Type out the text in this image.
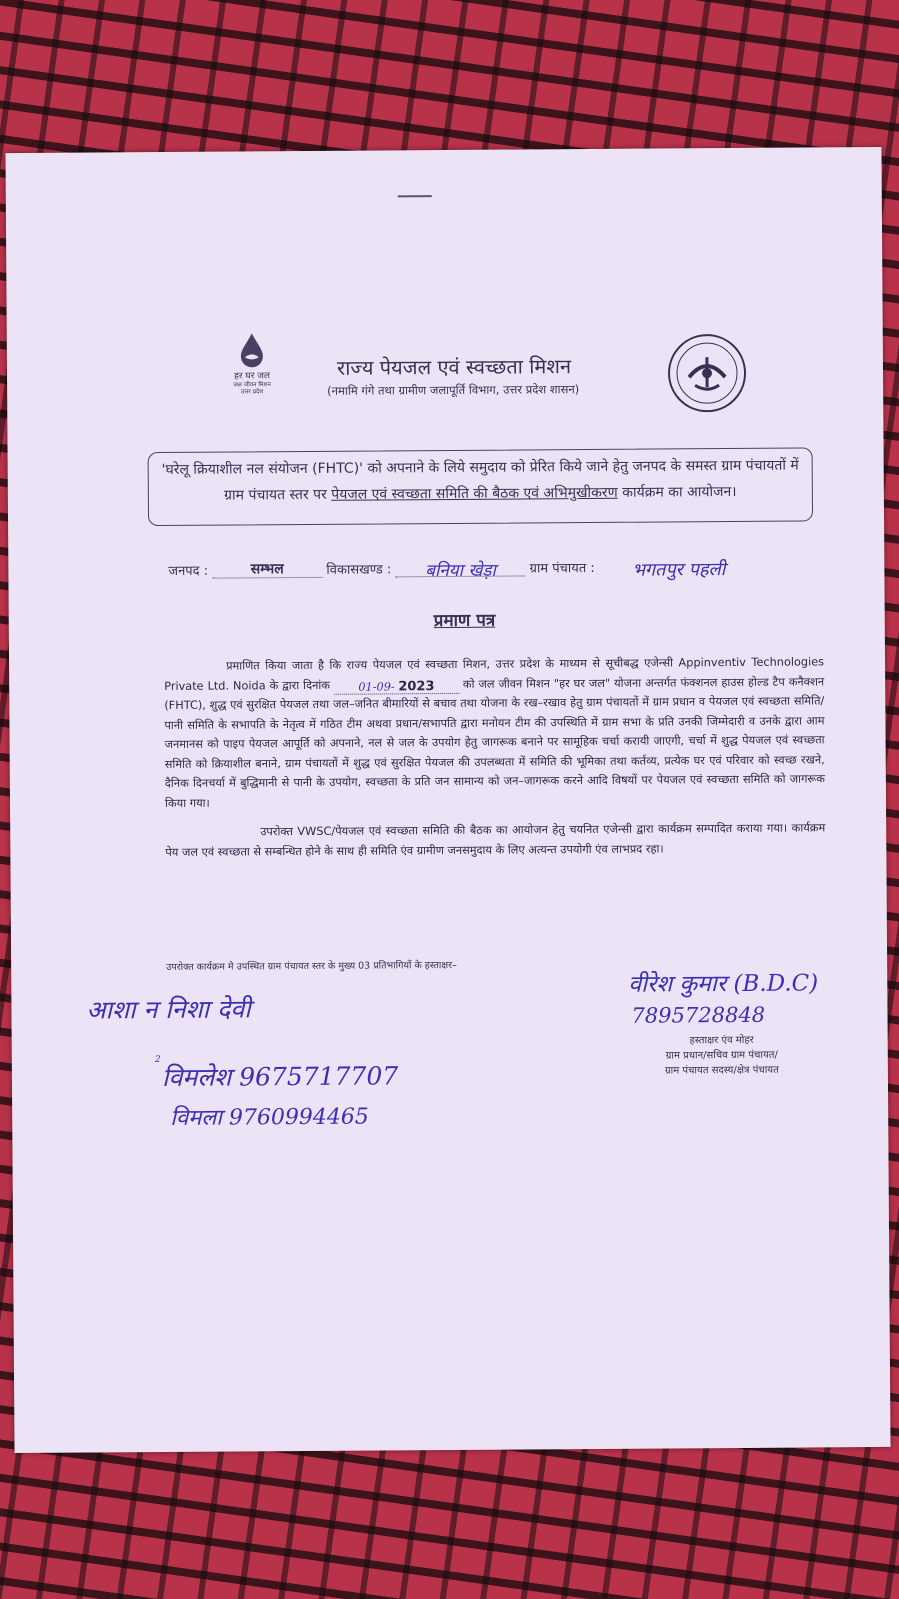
हर घर जल
जल जीवन मिशन
उत्तर प्रदेश
राज्य पेयजल एवं स्वच्छता मिशन
(नमामि गंगे तथा ग्रामीण जलापूर्ति विभाग, उत्तर प्रदेश शासन)
'घरेलू क्रियाशील नल संयोजन (FHTC)' को अपनाने के लिये समुदाय को प्रेरित किये जाने हेतु जनपद के समस्त ग्राम पंचायतों में ग्राम पंचायत स्तर पर पेयजल एवं स्वच्छता समिति की बैठक एवं अभिमुखीकरण कार्यक्रम का आयोजन।
जनपद :	सम्भल	विकासखण्ड : बनिया खेड़ा	ग्राम पंचायत : भगतपुर पहली
प्रमाण पत्र
प्रमाणित किया जाता है कि राज्य पेयजल एवं स्वच्छता मिशन, उत्तर प्रदेश के माध्यम से सूचीबद्ध एजेन्सी Appinventiv Technologies Private Ltd. Noida के द्वारा दिनांक	01-09- 2023	को जल जीवन मिशन "हर घर जल" योजना अन्तर्गत फंक्शनल हाउस होल्ड टैप कनैक्शन (FHTC), शुद्ध एवं सुरक्षित पेयजल तथा जल–जनित बीमारियों से बचाव तथा योजना के रख–रखाव हेतु ग्राम पंचायतों में ग्राम प्रधान व पेयजल एवं स्वच्छता समिति/पानी समिति के सभापति के नेतृत्व में गठित टीम अथवा प्रधान/सभापति द्वारा मनोयन टीम की उपस्थिति में ग्राम सभा के प्रति उनकी जिम्मेदारी व उनके द्वारा आम जनमानस को पाइप पेयजल आपूर्ति को अपनाने, नल से जल के उपयोग हेतु जागरूक बनाने पर सामूहिक चर्चा करायी जाएगी, चर्चा में शुद्ध पेयजल एवं स्वच्छता समिति को क्रियाशील बनाने, ग्राम पंचायतों में शुद्ध एवं सुरक्षित पेयजल की उपलब्धता में समिति की भूमिका तथा कर्तव्य, प्रत्येक घर एवं परिवार को स्वच्छ रखने, दैनिक दिनचर्या में बुद्धिमानी से पानी के उपयोग, स्वच्छता के प्रति जन सामान्य को जन–जागरूक करने आदि विषयों पर पेयजल एवं स्वच्छता समिति को जागरूक किया गया।
उपरोक्त VWSC/पेयजल एवं स्वच्छता समिति की बैठक का आयोजन हेतु चयनित एजेन्सी द्वारा कार्यक्रम सम्पादित कराया गया। कार्यक्रम पेय जल एवं स्वच्छता से सम्बन्धित होने के साथ ही समिति एंव ग्रामीण जनसमुदाय के लिए अत्यन्त उपयोगी एंव लाभप्रद रहा।
उपरोक्त कार्यक्रम मे उपस्थित ग्राम पंचायत स्तर के मुख्य 03 प्रतिभागियों के हस्ताक्षर–
आशा न निशा देवी
2
विमलेश 9675717707
विमला 9760994465
वीरेश कुमार (B.D.C)
7895728848
हस्ताक्षर एंव मोहर
ग्राम प्रधान/सचिव ग्राम पंचायत/
ग्राम पंचायत सदस्य/क्षेत्र पंचायत
